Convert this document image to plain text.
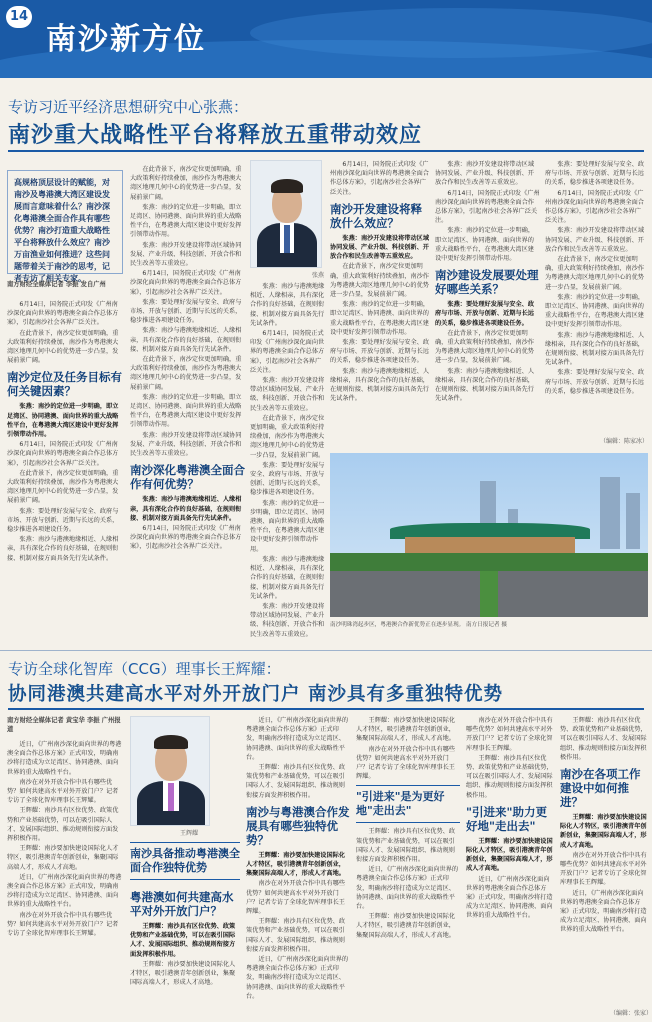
14
南沙新方位
专访习近平经济思想研究中心张燕：
南沙重大战略性平台将释放五重带动效应
高规格顶层设计的赋能，对南沙及粤港澳大湾区建设发展而言意味着什么？南沙深化粤港澳全面合作具有哪些优势？南沙打造重大战略性平台将释放什么效应？南沙万亩渔业如何推进？这些问题带着关于南沙的思考，记者专访了相关专家。
南方财经全媒体记者 李振 发自广州

6月14日，国务院正式印发《广州南沙深化面向世界的粤港澳全面合作总体方案》，引起南沙社会各界广泛关注。

在此背景下，南沙定位更加明确，重大政策利好持续叠加，南沙作为粤港澳大湾区地理几何中心的优势进一步凸显，发展前景广阔。

南沙定位及任务目标有何关键因素？

张燕：南沙的定位进一步明确，即立足湾区、协同港澳、面向世界的重大战略性平台，在粤港澳大湾区建设中更好发挥引领带动作用。

6月14日，国务院正式印发《广州南沙深化面向世界的粤港澳全面合作总体方案》，引起南沙社会各界广泛关注。

在此背景下，南沙定位更加明确，重大政策利好持续叠加，南沙作为粤港澳大湾区地理几何中心的优势进一步凸显，发展前景广阔。

张燕：要处理好发展与安全、政府与市场、开放与创新、近期与长远的关系，稳步推进各项建设任务。

张燕：南沙与港澳地缘相近、人缘相亲，具有深化合作的良好基础，在规则衔接、机制对接方面具备先行先试条件。

在此背景下，南沙定位更加明确，重大政策利好持续叠加，南沙作为粤港澳大湾区地理几何中心的优势进一步凸显，发展前景广阔。

张燕：南沙的定位进一步明确，即立足湾区、协同港澳、面向世界的重大战略性平台，在粤港澳大湾区建设中更好发挥引领带动作用。

张燕：南沙开发建设将带动区域协同发展、产业升级、科技创新、开放合作和民生改善等五重效应。

6月14日，国务院正式印发《广州南沙深化面向世界的粤港澳全面合作总体方案》，引起南沙社会各界广泛关注。

张燕：要处理好发展与安全、政府与市场、开放与创新、近期与长远的关系，稳步推进各项建设任务。

张燕：南沙与港澳地缘相近、人缘相亲，具有深化合作的良好基础，在规则衔接、机制对接方面具备先行先试条件。

在此背景下，南沙定位更加明确，重大政策利好持续叠加，南沙作为粤港澳大湾区地理几何中心的优势进一步凸显，发展前景广阔。

张燕：南沙的定位进一步明确，即立足湾区、协同港澳、面向世界的重大战略性平台，在粤港澳大湾区建设中更好发挥引领带动作用。

张燕：南沙开发建设将带动区域协同发展、产业升级、科技创新、开放合作和民生改善等五重效应。

南沙深化粤港澳全面合作有何优势？

张燕：南沙与港澳地缘相近、人缘相亲，具有深化合作的良好基础，在规则衔接、机制对接方面具备先行先试条件。

6月14日，国务院正式印发《广州南沙深化面向世界的粤港澳全面合作总体方案》，引起南沙社会各界广泛关注。

张燕

张燕：南沙与港澳地缘相近、人缘相亲，具有深化合作的良好基础，在规则衔接、机制对接方面具备先行先试条件。

6月14日，国务院正式印发《广州南沙深化面向世界的粤港澳全面合作总体方案》，引起南沙社会各界广泛关注。

张燕：南沙开发建设将带动区域协同发展、产业升级、科技创新、开放合作和民生改善等五重效应。

在此背景下，南沙定位更加明确，重大政策利好持续叠加，南沙作为粤港澳大湾区地理几何中心的优势进一步凸显，发展前景广阔。

张燕：要处理好发展与安全、政府与市场、开放与创新、近期与长远的关系，稳步推进各项建设任务。

张燕：南沙的定位进一步明确，即立足湾区、协同港澳、面向世界的重大战略性平台，在粤港澳大湾区建设中更好发挥引领带动作用。

张燕：南沙与港澳地缘相近、人缘相亲，具有深化合作的良好基础，在规则衔接、机制对接方面具备先行先试条件。

张燕：南沙开发建设将带动区域协同发展、产业升级、科技创新、开放合作和民生改善等五重效应。

6月14日，国务院正式印发《广州南沙深化面向世界的粤港澳全面合作总体方案》，引起南沙社会各界广泛关注。

南沙开发建设将释放什么效应？

张燕：南沙开发建设将带动区域协同发展、产业升级、科技创新、开放合作和民生改善等五重效应。

在此背景下，南沙定位更加明确，重大政策利好持续叠加，南沙作为粤港澳大湾区地理几何中心的优势进一步凸显，发展前景广阔。

张燕：南沙的定位进一步明确，即立足湾区、协同港澳、面向世界的重大战略性平台，在粤港澳大湾区建设中更好发挥引领带动作用。

张燕：要处理好发展与安全、政府与市场、开放与创新、近期与长远的关系，稳步推进各项建设任务。

张燕：南沙与港澳地缘相近、人缘相亲，具有深化合作的良好基础，在规则衔接、机制对接方面具备先行先试条件。

张燕：南沙开发建设将带动区域协同发展、产业升级、科技创新、开放合作和民生改善等五重效应。

6月14日，国务院正式印发《广州南沙深化面向世界的粤港澳全面合作总体方案》，引起南沙社会各界广泛关注。

张燕：南沙的定位进一步明确，即立足湾区、协同港澳、面向世界的重大战略性平台，在粤港澳大湾区建设中更好发挥引领带动作用。

南沙建设发展要处理好哪些关系？

张燕：要处理好发展与安全、政府与市场、开放与创新、近期与长远的关系，稳步推进各项建设任务。

在此背景下，南沙定位更加明确，重大政策利好持续叠加，南沙作为粤港澳大湾区地理几何中心的优势进一步凸显，发展前景广阔。

张燕：南沙与港澳地缘相近、人缘相亲，具有深化合作的良好基础，在规则衔接、机制对接方面具备先行先试条件。

张燕：要处理好发展与安全、政府与市场、开放与创新、近期与长远的关系，稳步推进各项建设任务。

6月14日，国务院正式印发《广州南沙深化面向世界的粤港澳全面合作总体方案》，引起南沙社会各界广泛关注。

张燕：南沙开发建设将带动区域协同发展、产业升级、科技创新、开放合作和民生改善等五重效应。

在此背景下，南沙定位更加明确，重大政策利好持续叠加，南沙作为粤港澳大湾区地理几何中心的优势进一步凸显，发展前景广阔。

张燕：南沙的定位进一步明确，即立足湾区、协同港澳、面向世界的重大战略性平台，在粤港澳大湾区建设中更好发挥引领带动作用。

张燕：南沙与港澳地缘相近、人缘相亲，具有深化合作的良好基础，在规则衔接、机制对接方面具备先行先试条件。

张燕：要处理好发展与安全、政府与市场、开放与创新、近期与长远的关系，稳步推进各项建设任务。

（编辑：陈家冰）
南沙明珠湾起步区，粤港澳合作新优势正在逐步显现。 南方日报记者 摄
专访全球化智库（CCG）理事长王辉耀：
协同港澳共建高水平对外开放门户 南沙具有多重独特优势
南方财经全媒体记者 黄宝华 李振 广州报道

近日，《广州南沙深化面向世界的粤港澳全面合作总体方案》正式印发，明确南沙将打造成为立足湾区、协同港澳、面向世界的重大战略性平台。

南沙在对外开放合作中具有哪些优势？如何共建高水平对外开放门户？记者专访了全球化智库理事长王辉耀。

王辉耀：南沙具有区位优势、政策优势和产业基础优势，可以在吸引国际人才、发展国际组织、推动规则衔接方面发挥积极作用。

王辉耀：南沙要加快建设国际化人才特区，吸引港澳青年创新创业，集聚国际高端人才，形成人才高地。

近日，《广州南沙深化面向世界的粤港澳全面合作总体方案》正式印发，明确南沙将打造成为立足湾区、协同港澳、面向世界的重大战略性平台。

南沙在对外开放合作中具有哪些优势？如何共建高水平对外开放门户？记者专访了全球化智库理事长王辉耀。

王辉耀
南沙具备推动粤港澳全面合作独特优势
粤港澳如何共建高水平对外开放门户？

王辉耀：南沙具有区位优势、政策优势和产业基础优势，可以在吸引国际人才、发展国际组织、推动规则衔接方面发挥积极作用。

王辉耀：南沙要加快建设国际化人才特区，吸引港澳青年创新创业，集聚国际高端人才，形成人才高地。

近日，《广州南沙深化面向世界的粤港澳全面合作总体方案》正式印发，明确南沙将打造成为立足湾区、协同港澳、面向世界的重大战略性平台。

王辉耀：南沙具有区位优势、政策优势和产业基础优势，可以在吸引国际人才、发展国际组织、推动规则衔接方面发挥积极作用。

南沙与粤港澳合作发展具有哪些独特优势？

王辉耀：南沙要加快建设国际化人才特区，吸引港澳青年创新创业，集聚国际高端人才，形成人才高地。

南沙在对外开放合作中具有哪些优势？如何共建高水平对外开放门户？记者专访了全球化智库理事长王辉耀。

王辉耀：南沙具有区位优势、政策优势和产业基础优势，可以在吸引国际人才、发展国际组织、推动规则衔接方面发挥积极作用。

近日，《广州南沙深化面向世界的粤港澳全面合作总体方案》正式印发，明确南沙将打造成为立足湾区、协同港澳、面向世界的重大战略性平台。

王辉耀：南沙要加快建设国际化人才特区，吸引港澳青年创新创业，集聚国际高端人才，形成人才高地。

南沙在对外开放合作中具有哪些优势？如何共建高水平对外开放门户？记者专访了全球化智库理事长王辉耀。

"引进来"是为更好地"走出去"

王辉耀：南沙具有区位优势、政策优势和产业基础优势，可以在吸引国际人才、发展国际组织、推动规则衔接方面发挥积极作用。

近日，《广州南沙深化面向世界的粤港澳全面合作总体方案》正式印发，明确南沙将打造成为立足湾区、协同港澳、面向世界的重大战略性平台。

王辉耀：南沙要加快建设国际化人才特区，吸引港澳青年创新创业，集聚国际高端人才，形成人才高地。

南沙在对外开放合作中具有哪些优势？如何共建高水平对外开放门户？记者专访了全球化智库理事长王辉耀。

王辉耀：南沙具有区位优势、政策优势和产业基础优势，可以在吸引国际人才、发展国际组织、推动规则衔接方面发挥积极作用。

"引进来"助力更好地"走出去"

王辉耀：南沙要加快建设国际化人才特区，吸引港澳青年创新创业，集聚国际高端人才，形成人才高地。

近日，《广州南沙深化面向世界的粤港澳全面合作总体方案》正式印发，明确南沙将打造成为立足湾区、协同港澳、面向世界的重大战略性平台。

王辉耀：南沙具有区位优势、政策优势和产业基础优势，可以在吸引国际人才、发展国际组织、推动规则衔接方面发挥积极作用。

南沙在各项工作建设中如何推进？

王辉耀：南沙要加快建设国际化人才特区，吸引港澳青年创新创业，集聚国际高端人才，形成人才高地。

南沙在对外开放合作中具有哪些优势？如何共建高水平对外开放门户？记者专访了全球化智库理事长王辉耀。

近日，《广州南沙深化面向世界的粤港澳全面合作总体方案》正式印发，明确南沙将打造成为立足湾区、协同港澳、面向世界的重大战略性平台。

（编辑：张家）
